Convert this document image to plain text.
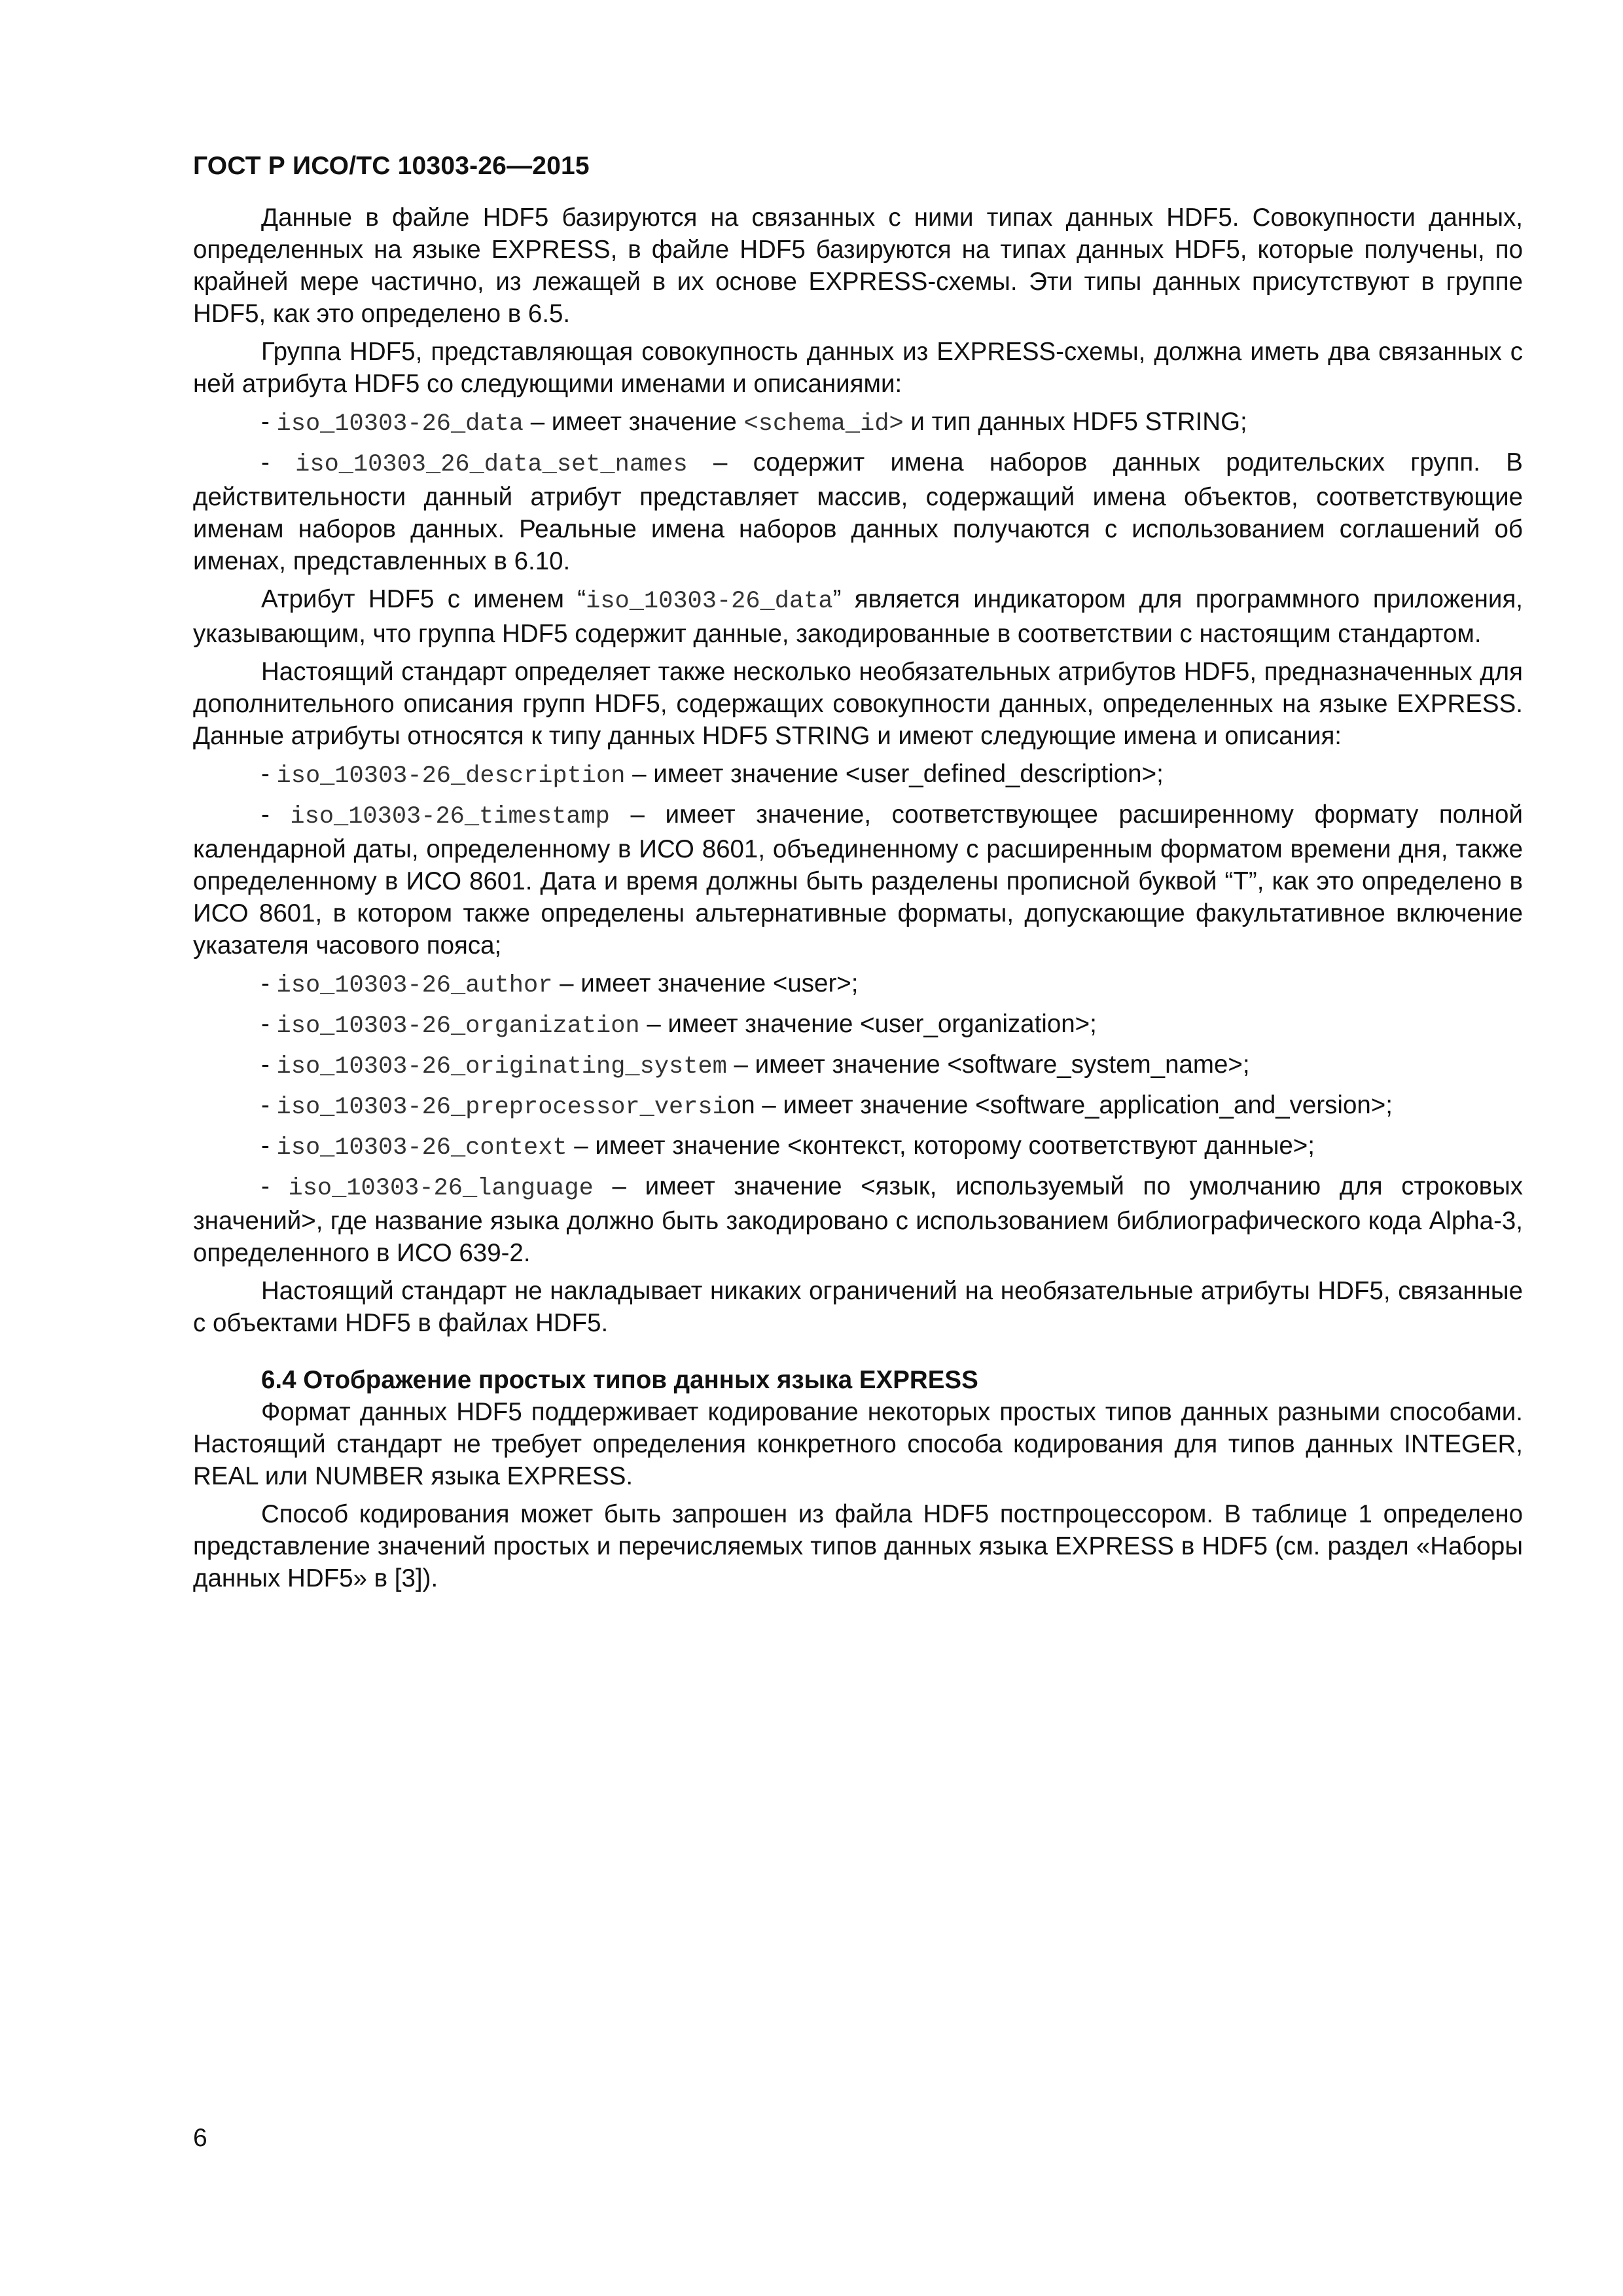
ГОСТ Р ИСО/ТС 10303-26—2015

Данные в файле HDF5 базируются на связанных с ними типах данных HDF5. Совокупности данных, определенных на языке EXPRESS, в файле HDF5 базируются на типах данных HDF5, которые получены, по крайней мере частично, из лежащей в их основе EXPRESS-схемы. Эти типы данных присутствуют в группе HDF5, как это определено в 6.5.

Группа HDF5, представляющая совокупность данных из EXPRESS-схемы, должна иметь два связанных с ней атрибута HDF5 со следующими именами и описаниями:

- iso_10303-26_data – имеет значение <schema_id> и тип данных HDF5 STRING;

- iso_10303_26_data_set_names – содержит имена наборов данных родительских групп. В действительности данный атрибут представляет массив, содержащий имена объектов, соответствующие именам наборов данных. Реальные имена наборов данных получаются с использованием соглашений об именах, представленных в 6.10.

Атрибут HDF5 с именем “iso_10303-26_data” является индикатором для программного приложения, указывающим, что группа HDF5 содержит данные, закодированные в соответствии с настоящим стандартом.

Настоящий стандарт определяет также несколько необязательных атрибутов HDF5, предназначенных для дополнительного описания групп HDF5, содержащих совокупности данных, определенных на языке EXPRESS. Данные атрибуты относятся к типу данных HDF5 STRING и имеют следующие имена и описания:

- iso_10303-26_description – имеет значение <user_defined_description>;

- iso_10303-26_timestamp – имеет значение, соответствующее расширенному формату полной календарной даты, определенному в ИСО 8601, объединенному с расширенным форматом времени дня, также определенному в ИСО 8601. Дата и время должны быть разделены прописной буквой “T”, как это определено в ИСО 8601, в котором также определены альтернативные форматы, допускающие факультативное включение указателя часового пояса;

- iso_10303-26_author – имеет значение <user>;

- iso_10303-26_organization – имеет значение <user_organization>;

- iso_10303-26_originating_system – имеет значение <software_system_name>;

- iso_10303-26_preprocessor_version – имеет значение <software_application_and_version>;

- iso_10303-26_context – имеет значение <контекст, которому соответствуют данные>;

- iso_10303-26_language – имеет значение <язык, используемый по умолчанию для строковых значений>, где название языка должно быть закодировано с использованием библиографического кода Alpha-3, определенного в ИСО 639-2.

Настоящий стандарт не накладывает никаких ограничений на необязательные атрибуты HDF5, связанные с объектами HDF5 в файлах HDF5.

6.4 Отображение простых типов данных языка EXPRESS

Формат данных HDF5 поддерживает кодирование некоторых простых типов данных разными способами. Настоящий стандарт не требует определения конкретного способа кодирования для типов данных INTEGER, REAL или NUMBER языка EXPRESS.

Способ кодирования может быть запрошен из файла HDF5 постпроцессором. В таблице 1 определено представление значений простых и перечисляемых типов данных языка EXPRESS в HDF5 (см. раздел «Наборы данных HDF5» в [3]).

6
